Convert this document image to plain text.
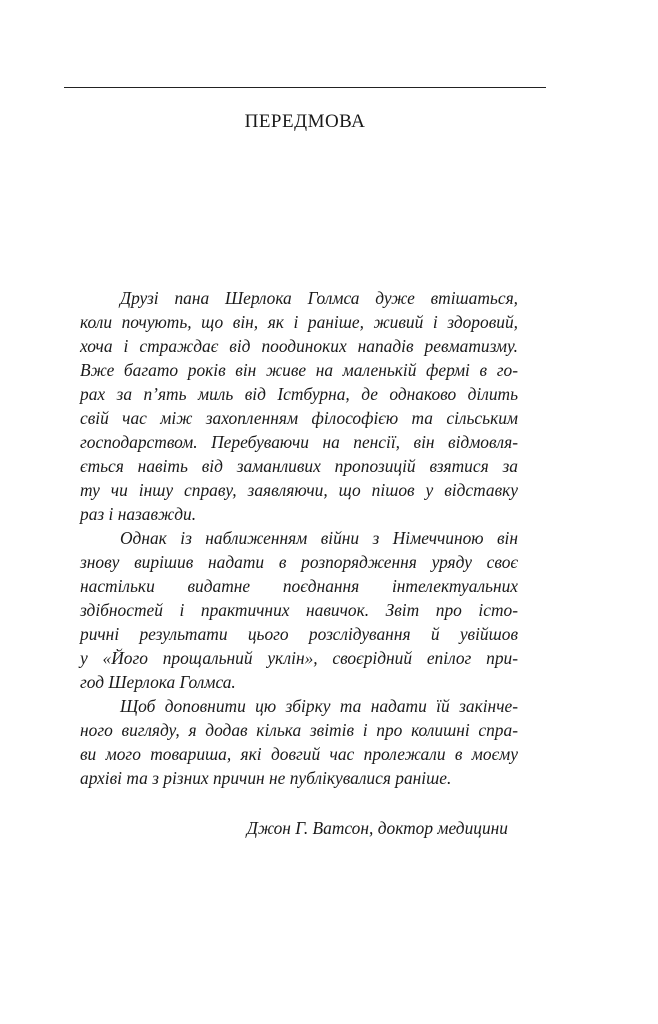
ПЕРЕДМОВА
Друзі пана Шерлока Голмса дуже втішаться,
коли почують, що він, як і раніше, живий і здоровий,
хоча і страждає від поодиноких нападів ревматизму.
Вже багато років він живе на маленькій фермі в го-
рах за п’ять миль від Істбурна, де однаково ділить
свій час між захопленням філософією та сільським
господарством. Перебуваючи на пенсії, він відмовля-
ється навіть від заманливих пропозицій взятися за
ту чи іншу справу, заявляючи, що пішов у відставку
раз і назавжди.
Однак із наближенням війни з Німеччиною він
знову вирішив надати в розпорядження уряду своє
настільки видатне поєднання інтелектуальних
здібностей і практичних навичок. Звіт про істо-
ричні результати цього розслідування й увійшов
у «Його прощальний уклін», своєрідний епілог при-
год Шерлока Голмса.
Щоб доповнити цю збірку та надати їй закінче-
ного вигляду, я додав кілька звітів і про колишні спра-
ви мого товариша, які довгий час пролежали в моєму
архіві та з різних причин не публікувалися раніше.
Джон Г. Ватсон, доктор медицини
